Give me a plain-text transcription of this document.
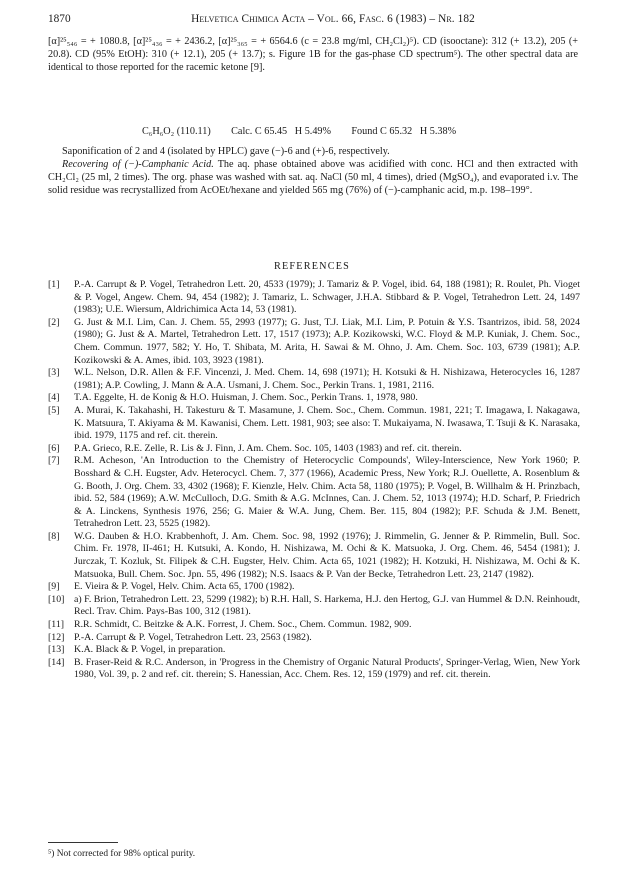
1870	Helvetica Chimica Acta – Vol. 66, Fasc. 6 (1983) – Nr. 182

[α]²⁵₅₄₆ = + 1080.8, [α]²⁵₄₃₆ = + 2436.2, [α]²⁵₃₆₅ = + 6564.6 (c = 23.8 mg/ml, CH₂Cl₂)⁵). CD (isooctane): 312 (+ 13.2), 205 (+ 20.8). CD (95% EtOH): 310 (+ 12.1), 205 (+ 13.7); s. Figure 1B for the gas-phase CD spectrum⁵). The other spectral data are identical to those reported for the racemic ketone [9].

C₆H₆O₂ (110.11)        Calc. C 65.45   H 5.49%        Found C 65.32   H 5.38%
Saponification of 2 and 4 (isolated by HPLC) gave (−)-6 and (+)-6, respectively.
Recovering of (−)-Camphanic Acid. The aq. phase obtained above was acidified with conc. HCl and then extracted with CH₂Cl₂ (25 ml, 2 times). The org. phase was washed with sat. aq. NaCl (50 ml, 4 times), dried (MgSO₄), and evaporated i.v. The solid residue was recrystallized from AcOEt/hexane and yielded 565 mg (76%) of (−)-camphanic acid, m.p. 198–199°.
REFERENCES
[1]	P.-A. Carrupt & P. Vogel, Tetrahedron Lett. 20, 4533 (1979); J. Tamariz & P. Vogel, ibid. 64, 188 (1981); R. Roulet, Ph. Vioget & P. Vogel, Angew. Chem. 94, 454 (1982); J. Tamariz, L. Schwager, J.H.A. Stibbard & P. Vogel, Tetrahedron Lett. 24, 1497 (1983); U.E. Wiersum, Aldrichimica Acta 14, 53 (1981).
[2]	G. Just & M.I. Lim, Can. J. Chem. 55, 2993 (1977); G. Just, T.J. Liak, M.I. Lim, P. Potuin & Y.S. Tsantrizos, ibid. 58, 2024 (1980); G. Just & A. Martel, Tetrahedron Lett. 17, 1517 (1973); A.P. Kozikowski, W.C. Floyd & M.P. Kuniak, J. Chem. Soc., Chem. Commun. 1977, 582; Y. Ho, T. Shibata, M. Arita, H. Sawai & M. Ohno, J. Am. Chem. Soc. 103, 6739 (1981); A.P. Kozikowski & A. Ames, ibid. 103, 3923 (1981).
[3]	W.L. Nelson, D.R. Allen & F.F. Vincenzi, J. Med. Chem. 14, 698 (1971); H. Kotsuki & H. Nishizawa, Heterocycles 16, 1287 (1981); A.P. Cowling, J. Mann & A.A. Usmani, J. Chem. Soc., Perkin Trans. 1, 1981, 2116.
[4]	T.A. Eggelte, H. de Konig & H.O. Huisman, J. Chem. Soc., Perkin Trans. 1, 1978, 980.
[5]	A. Murai, K. Takahashi, H. Takesturu & T. Masamune, J. Chem. Soc., Chem. Commun. 1981, 221; T. Imagawa, I. Nakagawa, K. Matsuura, T. Akiyama & M. Kawanisi, Chem. Lett. 1981, 903; see also: T. Mukaiyama, N. Iwasawa, T. Tsuji & K. Narasaka, ibid. 1979, 1175 and ref. cit. therein.
[6]	P.A. Grieco, R.E. Zelle, R. Lis & J. Finn, J. Am. Chem. Soc. 105, 1403 (1983) and ref. cit. therein.
[7]	R.M. Acheson, 'An Introduction to the Chemistry of Heterocyclic Compounds', Wiley-Interscience, New York 1960; P. Bosshard & C.H. Eugster, Adv. Heterocycl. Chem. 7, 377 (1966), Academic Press, New York; R.J. Ouellette, A. Rosenblum & G. Booth, J. Org. Chem. 33, 4302 (1968); F. Kienzle, Helv. Chim. Acta 58, 1180 (1975); P. Vogel, B. Willhalm & H. Prinzbach, ibid. 52, 584 (1969); A.W. McCulloch, D.G. Smith & A.G. McInnes, Can. J. Chem. 52, 1013 (1974); H.D. Scharf, P. Friedrich & A. Linckens, Synthesis 1976, 256; G. Maier & W.A. Jung, Chem. Ber. 115, 804 (1982); P.F. Schuda & J.M. Benett, Tetrahedron Lett. 23, 5525 (1982).
[8]	W.G. Dauben & H.O. Krabbenhoft, J. Am. Chem. Soc. 98, 1992 (1976); J. Rimmelin, G. Jenner & P. Rimmelin, Bull. Soc. Chim. Fr. 1978, II-461; H. Kutsuki, A. Kondo, H. Nishizawa, M. Ochi & K. Matsuoka, J. Org. Chem. 46, 5454 (1981); J. Jurczak, T. Kozluk, St. Filipek & C.H. Eugster, Helv. Chim. Acta 65, 1021 (1982); H. Kotzuki, H. Nishizawa, M. Ochi & K. Matsuoka, Bull. Chem. Soc. Jpn. 55, 496 (1982); N.S. Isaacs & P. Van der Becke, Tetrahedron Lett. 23, 2147 (1982).
[9]	E. Vieira & P. Vogel, Helv. Chim. Acta 65, 1700 (1982).
[10] a) F. Brion, Tetrahedron Lett. 23, 5299 (1982); b) R.H. Hall, S. Harkema, H.J. den Hertog, G.J. van Hummel & D.N. Reinhoudt, Recl. Trav. Chim. Pays-Bas 100, 312 (1981).
[11]	R.R. Schmidt, C. Beitzke & A.K. Forrest, J. Chem. Soc., Chem. Commun. 1982, 909.
[12] P.-A. Carrupt & P. Vogel, Tetrahedron Lett. 23, 2563 (1982).
[13] K.A. Black & P. Vogel, in preparation.
[14] B. Fraser-Reid & R.C. Anderson, in 'Progress in the Chemistry of Organic Natural Products', Springer-Verlag, Wien, New York 1980, Vol. 39, p. 2 and ref. cit. therein; S. Hanessian, Acc. Chem. Res. 12, 159 (1979) and ref. cit. therein.
⁵) Not corrected for 98% optical purity.
